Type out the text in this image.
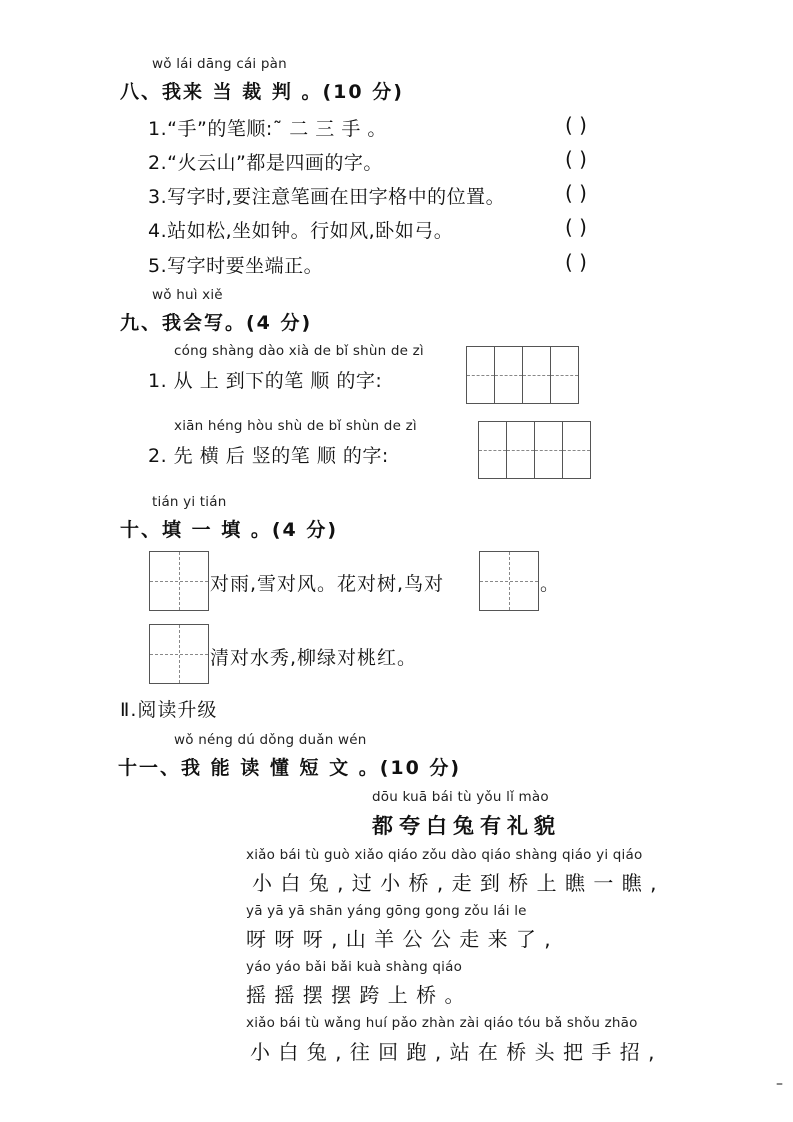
wǒ lái dāng cái pàn
八、我来 当 裁 判 。(10 分)
1.“手”的笔顺:˜ 二 三 手 。	( )
2.“火云山”都是四画的字。	( )
3.写字时,要注意笔画在田字格中的位置。	( )
4.站如松,坐如钟。行如风,卧如弓。	( )
5.写字时要坐端正。	( )
wǒ huì xiě
九、我会写。(4 分)
cóng shàng dào xià de bǐ shùn de zì
1. 从 上 到下的笔 顺 的字:
xiān héng hòu shù de bǐ shùn de zì
2. 先 横 后 竖的笔 顺 的字:
tián yi tián
十、填 一 填 。(4 分)
对雨,雪对风。花对树,鸟对	。
清对水秀,柳绿对桃红。
Ⅱ.阅读升级
wǒ néng dú dǒng duǎn wén
十一、我 能 读 懂 短 文 。(10 分)
dōu kuā bái tù yǒu lǐ mào
都夸白兔有礼貌
xiǎo bái tù guò xiǎo qiáo zǒu dào qiáo shàng qiáo yi qiáo
小 白 兔 , 过 小 桥 , 走 到 桥 上 瞧 一 瞧 ,
yā yā yā shān yáng gōng gong zǒu lái le
呀 呀 呀 , 山 羊 公 公 走 来 了 ,
yáo yáo bǎi bǎi kuà shàng qiáo
摇 摇 摆 摆 跨 上 桥 。
xiǎo bái tù wǎng huí pǎo zhàn zài qiáo tóu bǎ shǒu zhāo
小 白 兔 , 往 回 跑 , 站 在 桥 头 把 手 招 ,
–
